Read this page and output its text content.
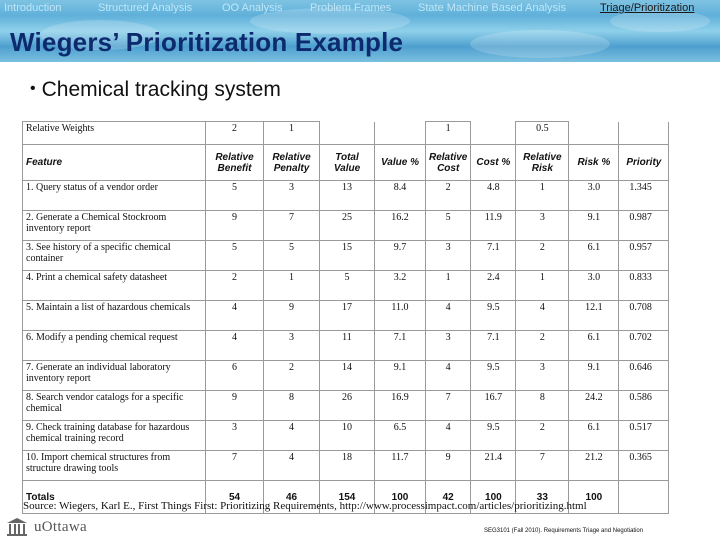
Introduction	Structured Analysis	OO Analysis Problem Frames State Machine Based Analysis	Triage/Prioritization
Wiegers’ Prioritization Example
• Chemical tracking system
Relative Weights	2	1			1		0.5		
Feature	Relative Benefit	Relative Penalty	Total Value	Value %	Relative Cost	Cost %	Relative Risk	Risk %	Priority
1. Query status of a vendor order	5	3	13	8.4	2	4.8	1	3.0	1.345
2. Generate a Chemical Stockroom inventory report	9	7	25	16.2	5	11.9	3	9.1	0.987
3. See history of a specific chemical container	5	5	15	9.7	3	7.1	2	6.1	0.957
4. Print a chemical safety datasheet	2	1	5	3.2	1	2.4	1	3.0	0.833
5. Maintain a list of hazardous chemicals	4	9	17	11.0	4	9.5	4	12.1	0.708
6. Modify a pending chemical request	4	3	11	7.1	3	7.1	2	6.1	0.702
7. Generate an individual laboratory inventory report	6	2	14	9.1	4	9.5	3	9.1	0.646
8. Search vendor catalogs for a specific chemical	9	8	26	16.9	7	16.7	8	24.2	0.586
9. Check training database for hazardous chemical training record	3	4	10	6.5	4	9.5	2	6.1	0.517
10. Import chemical structures from structure drawing tools	7	4	18	11.7	9	21.4	7	21.2	0.365
Totals	54	46	154	100	42	100	33	100	
Source: Wiegers, Karl E., First Things First: Prioritizing Requirements, http://www.processimpact.com/articles/prioritizing.html
uOttawa	SEG3101 (Fall 2010). Requirements Triage and Negotiation
